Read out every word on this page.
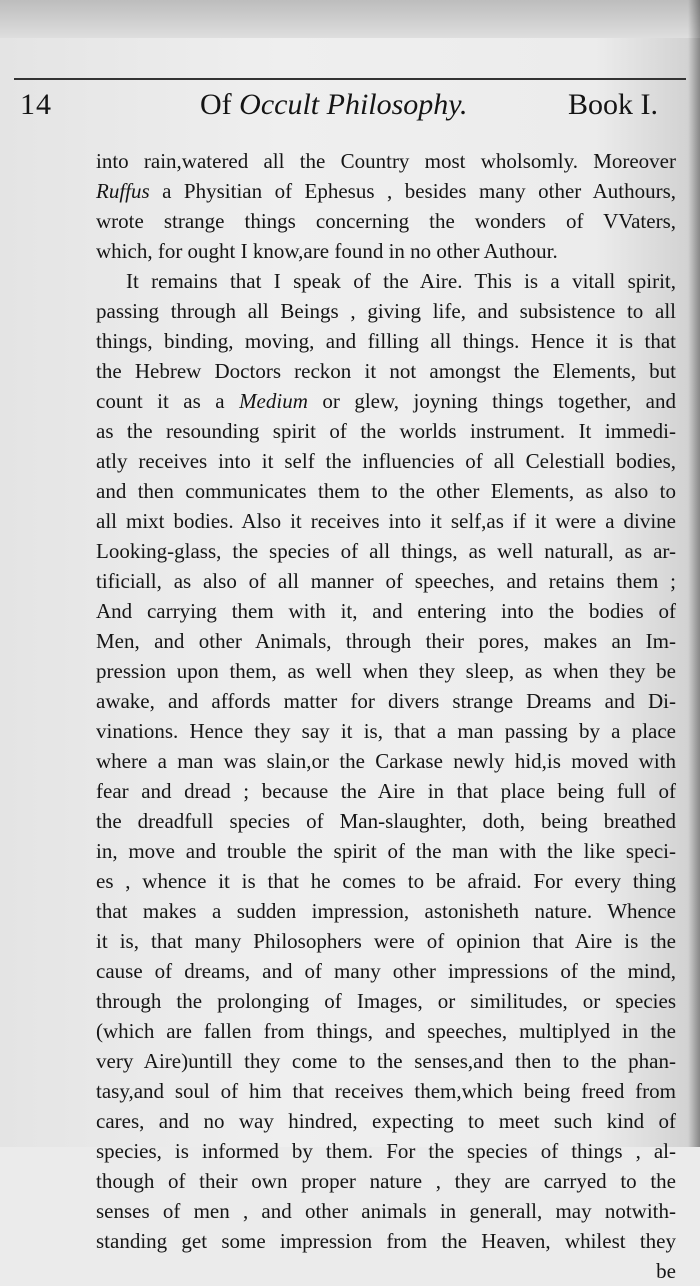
14	Of Occult Philosophy.	Book I.
into rain,watered all the Country most wholsomly. Moreover
Ruffus a Physitian of Ephesus , besides many other Authours,
wrote strange things concerning the wonders of VVaters,
which, for ought I know,are found in no other Authour.
It remains that I speak of the Aire. This is a vitall spirit,
passing through all Beings , giving life, and subsistence to all
things, binding, moving, and filling all things. Hence it is that
the Hebrew Doctors reckon it not amongst the Elements, but
count it as a Medium or glew, joyning things together, and
as the resounding spirit of the worlds instrument. It immedi-
atly receives into it self the influencies of all Celestiall bodies,
and then communicates them to the other Elements, as also to
all mixt bodies. Also it receives into it self,as if it were a divine
Looking-glass, the species of all things, as well naturall, as ar-
tificiall, as also of all manner of speeches, and retains them ;
And carrying them with it, and entering into the bodies of
Men, and other Animals, through their pores, makes an Im-
pression upon them, as well when they sleep, as when they be
awake, and affords matter for divers strange Dreams and Di-
vinations. Hence they say it is, that a man passing by a place
where a man was slain,or the Carkase newly hid,is moved with
fear and dread ; because the Aire in that place being full of
the dreadfull species of Man-slaughter, doth, being breathed
in, move and trouble the spirit of the man with the like speci-
es , whence it is that he comes to be afraid. For every thing
that makes a sudden impression, astonisheth nature. Whence
it is, that many Philosophers were of opinion that Aire is the
cause of dreams, and of many other impressions of the mind,
through the prolonging of Images, or similitudes, or species
(which are fallen from things, and speeches, multiplyed in the
very Aire)untill they come to the senses,and then to the phan-
tasy,and soul of him that receives them,which being freed from
cares, and no way hindred, expecting to meet such kind of
species, is informed by them. For the species of things , al-
though of their own proper nature , they are carryed to the
senses of men , and other animals in generall, may notwith-
standing get some impression from the Heaven, whilest they
be
